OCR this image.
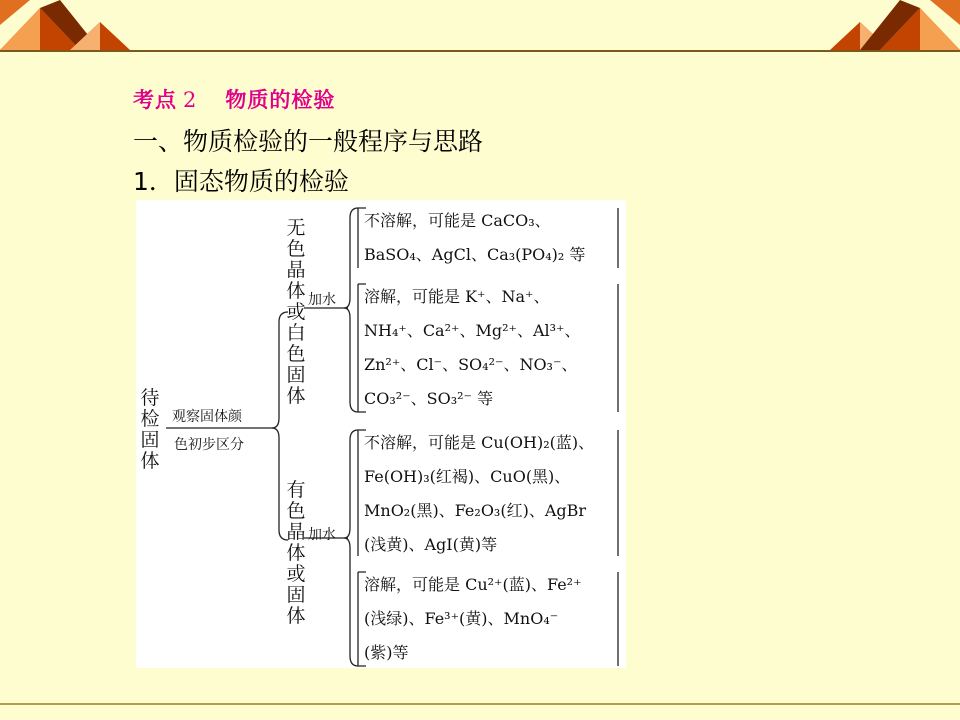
考点 2 物质的检验
一、物质检验的一般程序与思路
1．固态物质的检验
待检固体
观察固体颜
色初步区分
无色晶体或白色固体
有色晶体或固体
加水
加水
不溶解，可能是 CaCO₃、
BaSO₄、AgCl、Ca₃(PO₄)₂ 等
溶解，可能是 K⁺、Na⁺、
NH₄⁺、Ca²⁺、Mg²⁺、Al³⁺、
Zn²⁺、Cl⁻、SO₄²⁻、NO₃⁻、
CO₃²⁻、SO₃²⁻ 等
不溶解，可能是 Cu(OH)₂(蓝)、
Fe(OH)₃(红褐)、CuO(黑)、
MnO₂(黑)、Fe₂O₃(红)、AgBr
(浅黄)、AgI(黄)等
溶解，可能是 Cu²⁺(蓝)、Fe²⁺
(浅绿)、Fe³⁺(黄)、MnO₄⁻
(紫)等
